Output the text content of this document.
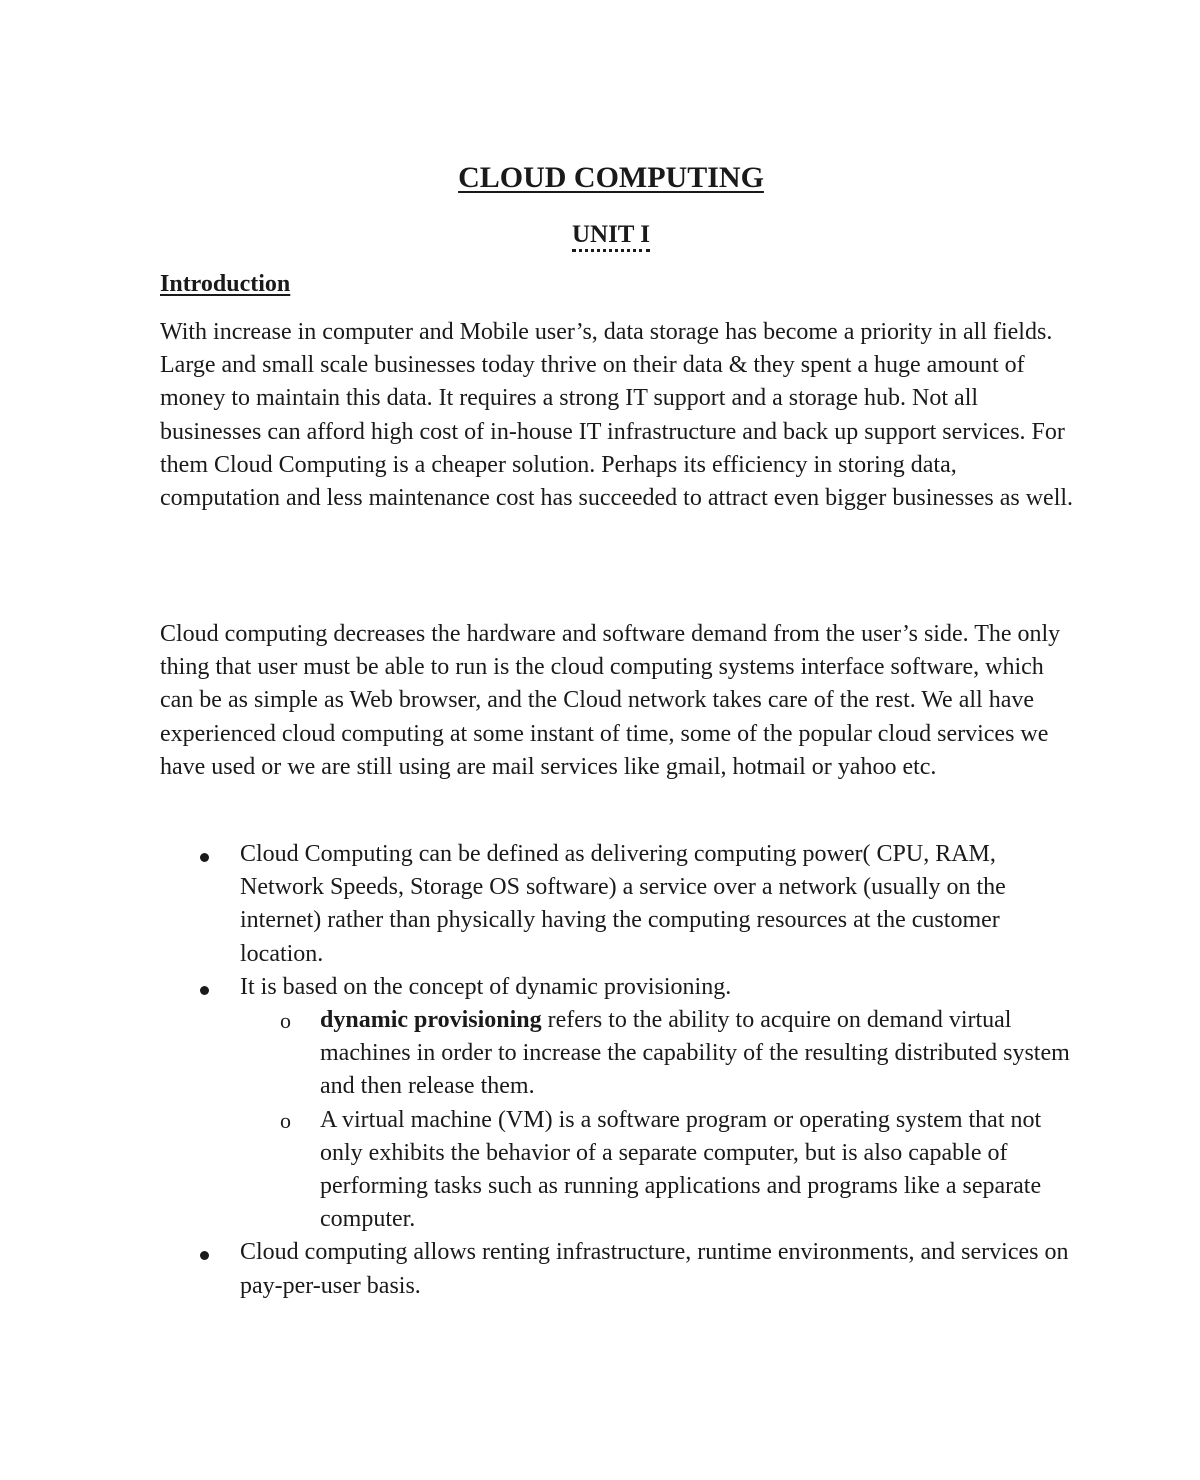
CLOUD COMPUTING
UNIT I
Introduction

With increase in computer and Mobile user’s, data storage has become a priority in all fields. Large and small scale businesses today thrive on their data & they spent a huge amount of money to maintain this data. It requires a strong IT support and a storage hub. Not all businesses can afford high cost of in-house IT infrastructure and back up support services. For them Cloud Computing is a cheaper solution. Perhaps its efficiency in storing data, computation and less maintenance cost has succeeded to attract even bigger businesses as well.

Cloud computing decreases the hardware and software demand from the user’s side. The only thing that user must be able to run is the cloud computing systems interface software, which can be as simple as Web browser, and the Cloud network takes care of the rest. We all have experienced cloud computing at some instant of time, some of the popular cloud services we have used or we are still using are mail services like gmail, hotmail or yahoo etc.

Cloud Computing can be defined as delivering computing power( CPU, RAM, Network Speeds, Storage OS software) a service over a network (usually on the internet) rather than physically having the computing resources at the customer location.
It is based on the concept of dynamic provisioning.
o dynamic provisioning refers to the ability to acquire on demand virtual machines in order to increase the capability of the resulting distributed system and then release them.
o A virtual machine (VM) is a software program or operating system that not only exhibits the behavior of a separate computer, but is also capable of performing tasks such as running applications and programs like a separate computer.
Cloud computing allows renting infrastructure, runtime environments, and services on pay-per-user basis.
